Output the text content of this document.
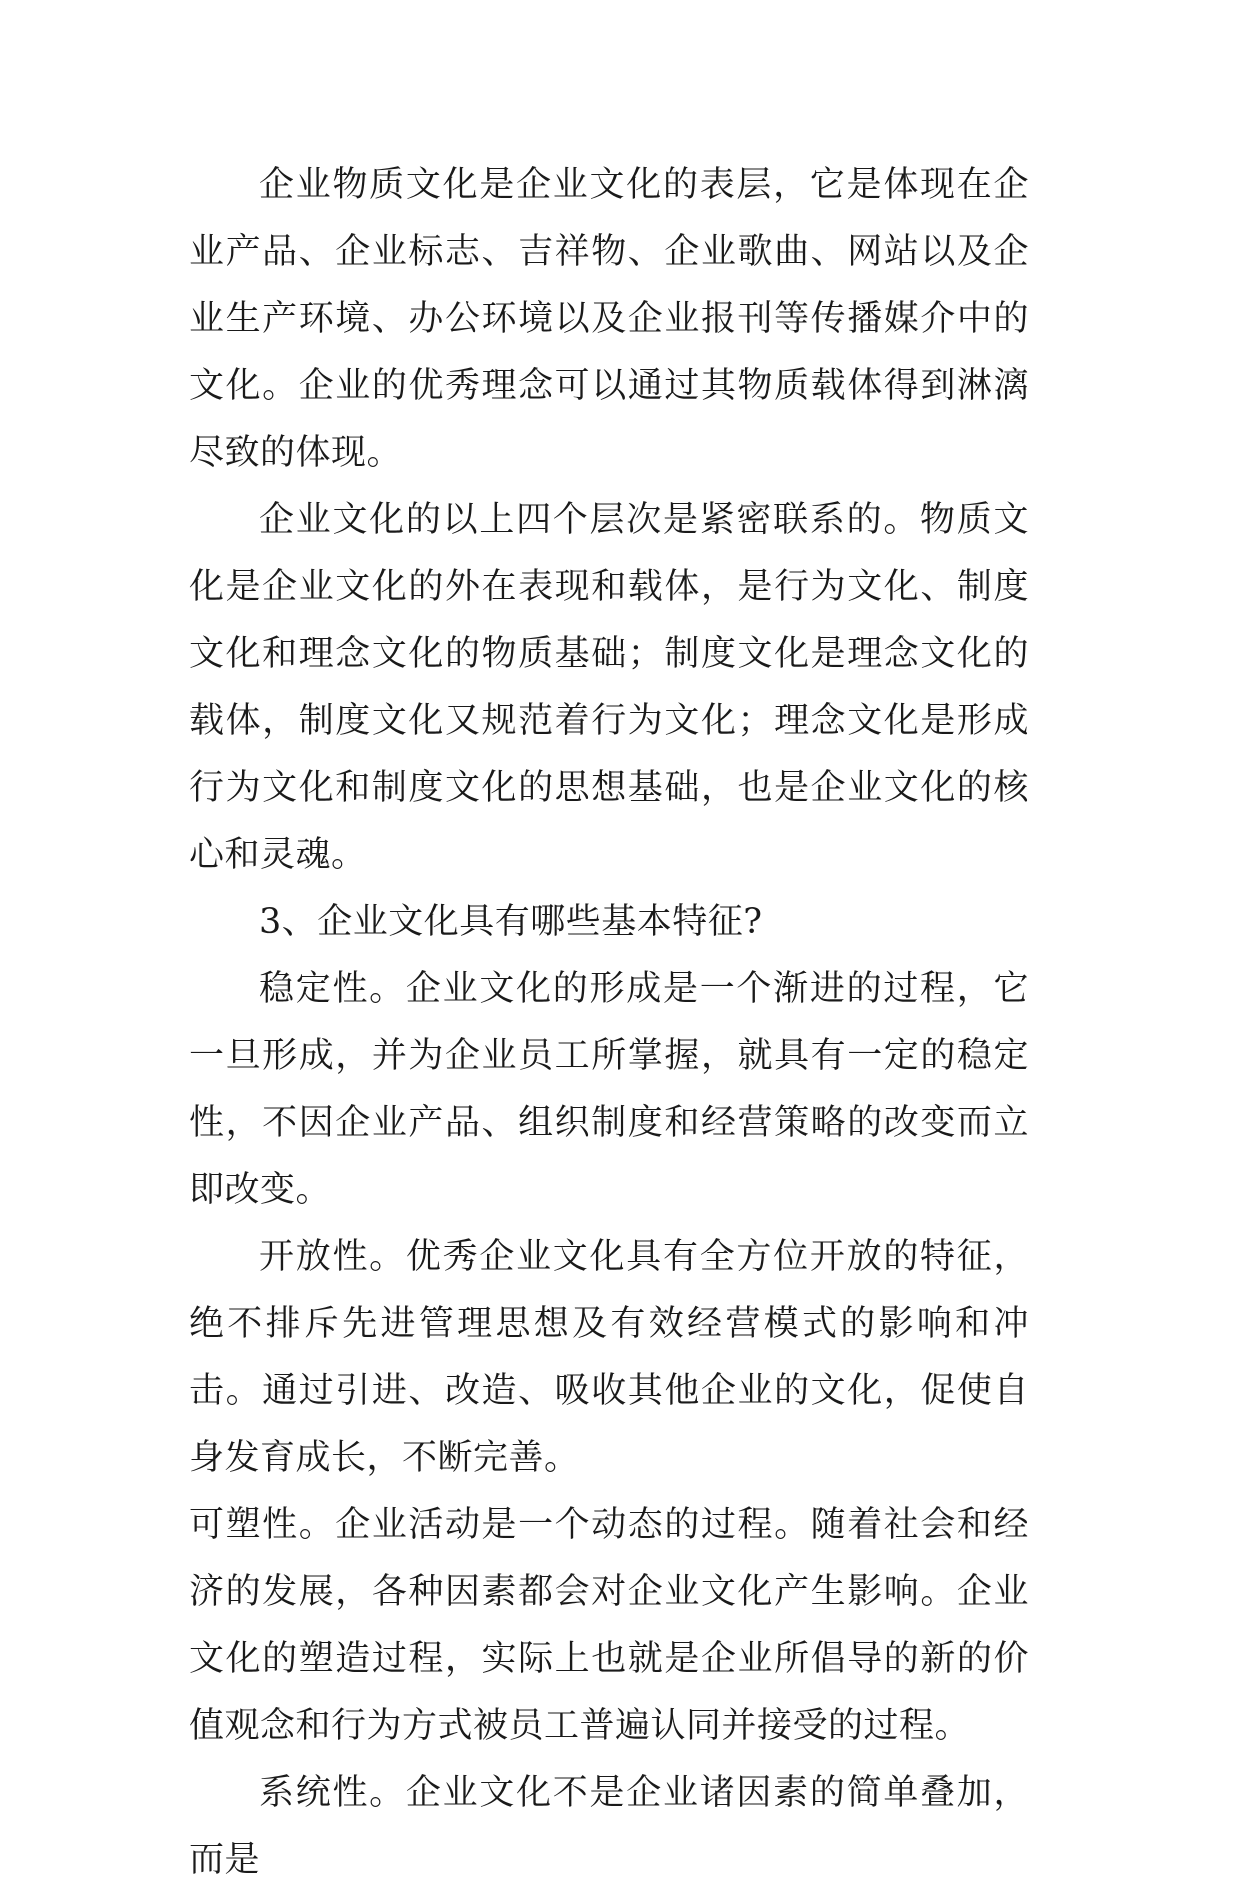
企业物质文化是企业文化的表层，它是体现在企业产品、企业标志、吉祥物、企业歌曲、网站以及企业生产环境、办公环境以及企业报刊等传播媒介中的文化。企业的优秀理念可以通过其物质载体得到淋漓尽致的体现。

企业文化的以上四个层次是紧密联系的。物质文化是企业文化的外在表现和载体，是行为文化、制度文化和理念文化的物质基础；制度文化是理念文化的载体，制度文化又规范着行为文化；理念文化是形成行为文化和制度文化的思想基础，也是企业文化的核心和灵魂。

3、企业文化具有哪些基本特征?

稳定性。企业文化的形成是一个渐进的过程，它一旦形成，并为企业员工所掌握，就具有一定的稳定性，不因企业产品、组织制度和经营策略的改变而立即改变。

开放性。优秀企业文化具有全方位开放的特征，绝不排斥先进管理思想及有效经营模式的影响和冲击。通过引进、改造、吸收其他企业的文化，促使自身发育成长，不断完善。

可塑性。企业活动是一个动态的过程。随着社会和经济的发展，各种因素都会对企业文化产生影响。企业文化的塑造过程，实际上也就是企业所倡导的新的价值观念和行为方式被员工普遍认同并接受的过程。

系统性。企业文化不是企业诸因素的简单叠加，而是
